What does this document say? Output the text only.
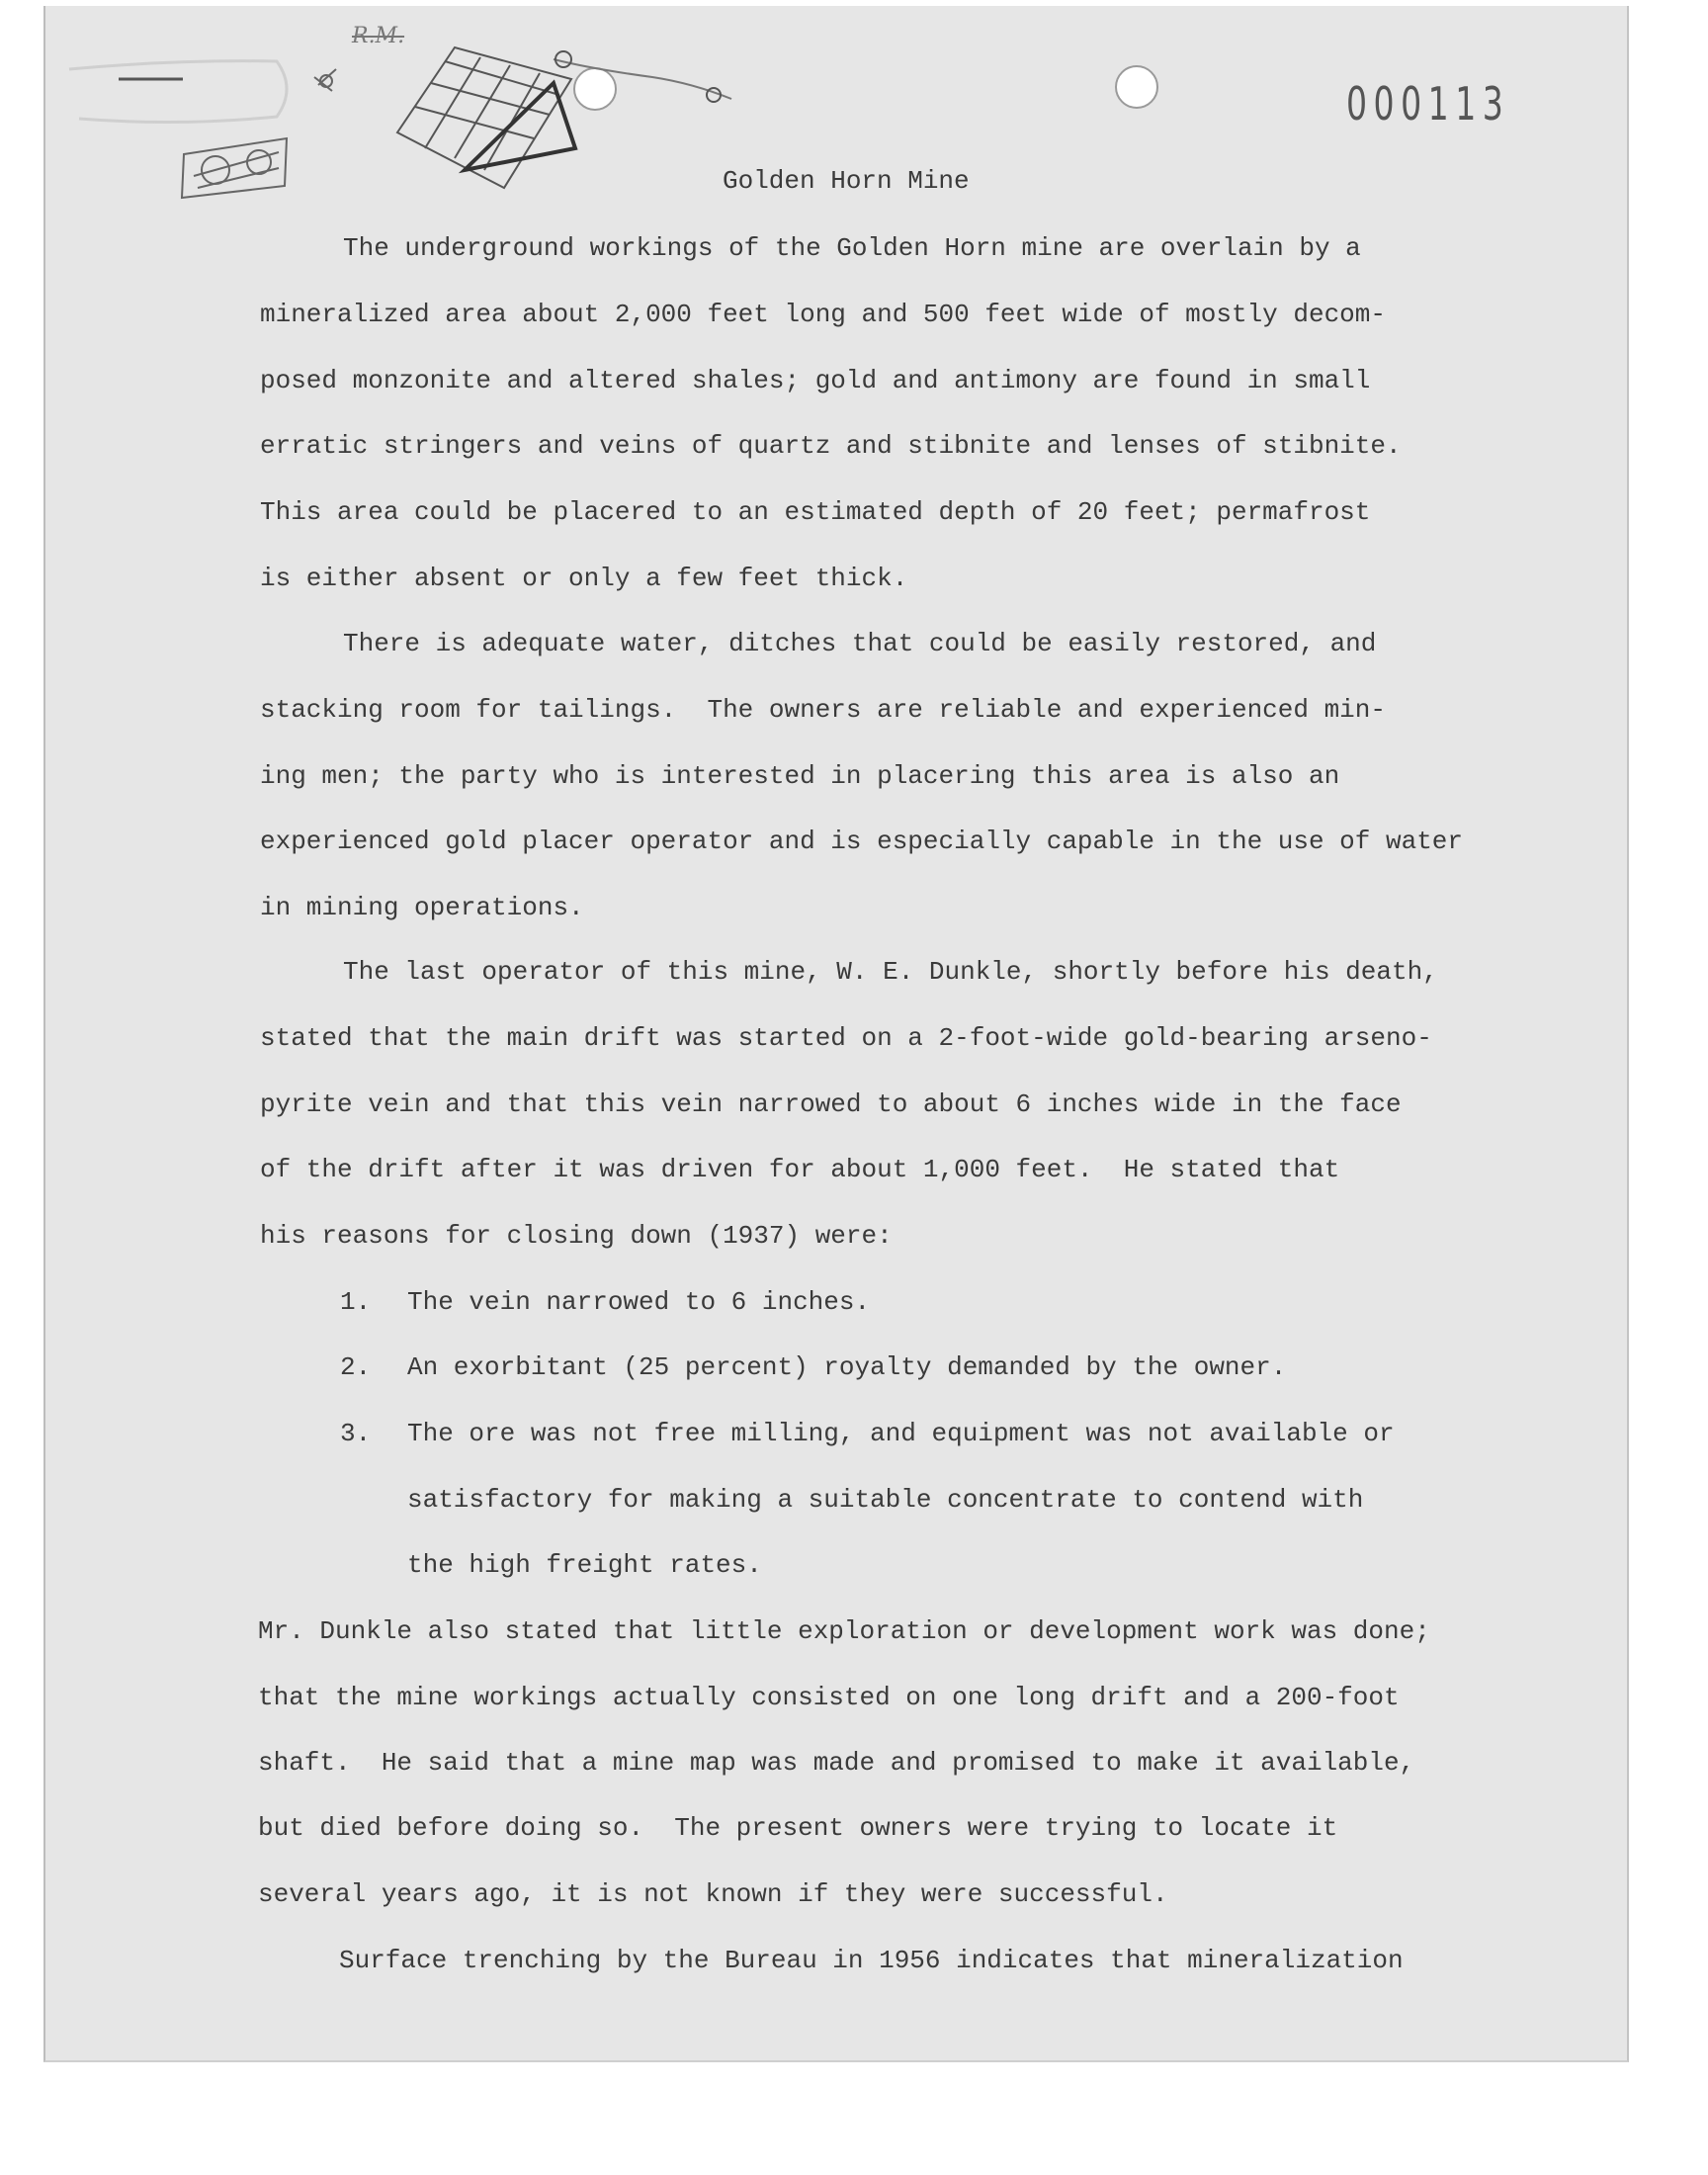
R.M.
000113
Golden Horn Mine
The underground workings of the Golden Horn mine are overlain by a
mineralized area about 2,000 feet long and 500 feet wide of mostly decom-
posed monzonite and altered shales; gold and antimony are found in small
erratic stringers and veins of quartz and stibnite and lenses of stibnite.
This area could be placered to an estimated depth of 20 feet; permafrost
is either absent or only a few feet thick.
There is adequate water, ditches that could be easily restored, and
stacking room for tailings.  The owners are reliable and experienced min-
ing men; the party who is interested in placering this area is also an
experienced gold placer operator and is especially capable in the use of water
in mining operations.
The last operator of this mine, W. E. Dunkle, shortly before his death,
stated that the main drift was started on a 2-foot-wide gold-bearing arseno-
pyrite vein and that this vein narrowed to about 6 inches wide in the face
of the drift after it was driven for about 1,000 feet.  He stated that
his reasons for closing down (1937) were:
1. The vein narrowed to 6 inches.
2. An exorbitant (25 percent) royalty demanded by the owner.
3. The ore was not free milling, and equipment was not available or
satisfactory for making a suitable concentrate to contend with
the high freight rates.
Mr. Dunkle also stated that little exploration or development work was done;
that the mine workings actually consisted on one long drift and a 200-foot
shaft.  He said that a mine map was made and promised to make it available,
but died before doing so.  The present owners were trying to locate it
several years ago, it is not known if they were successful.
Surface trenching by the Bureau in 1956 indicates that mineralization
